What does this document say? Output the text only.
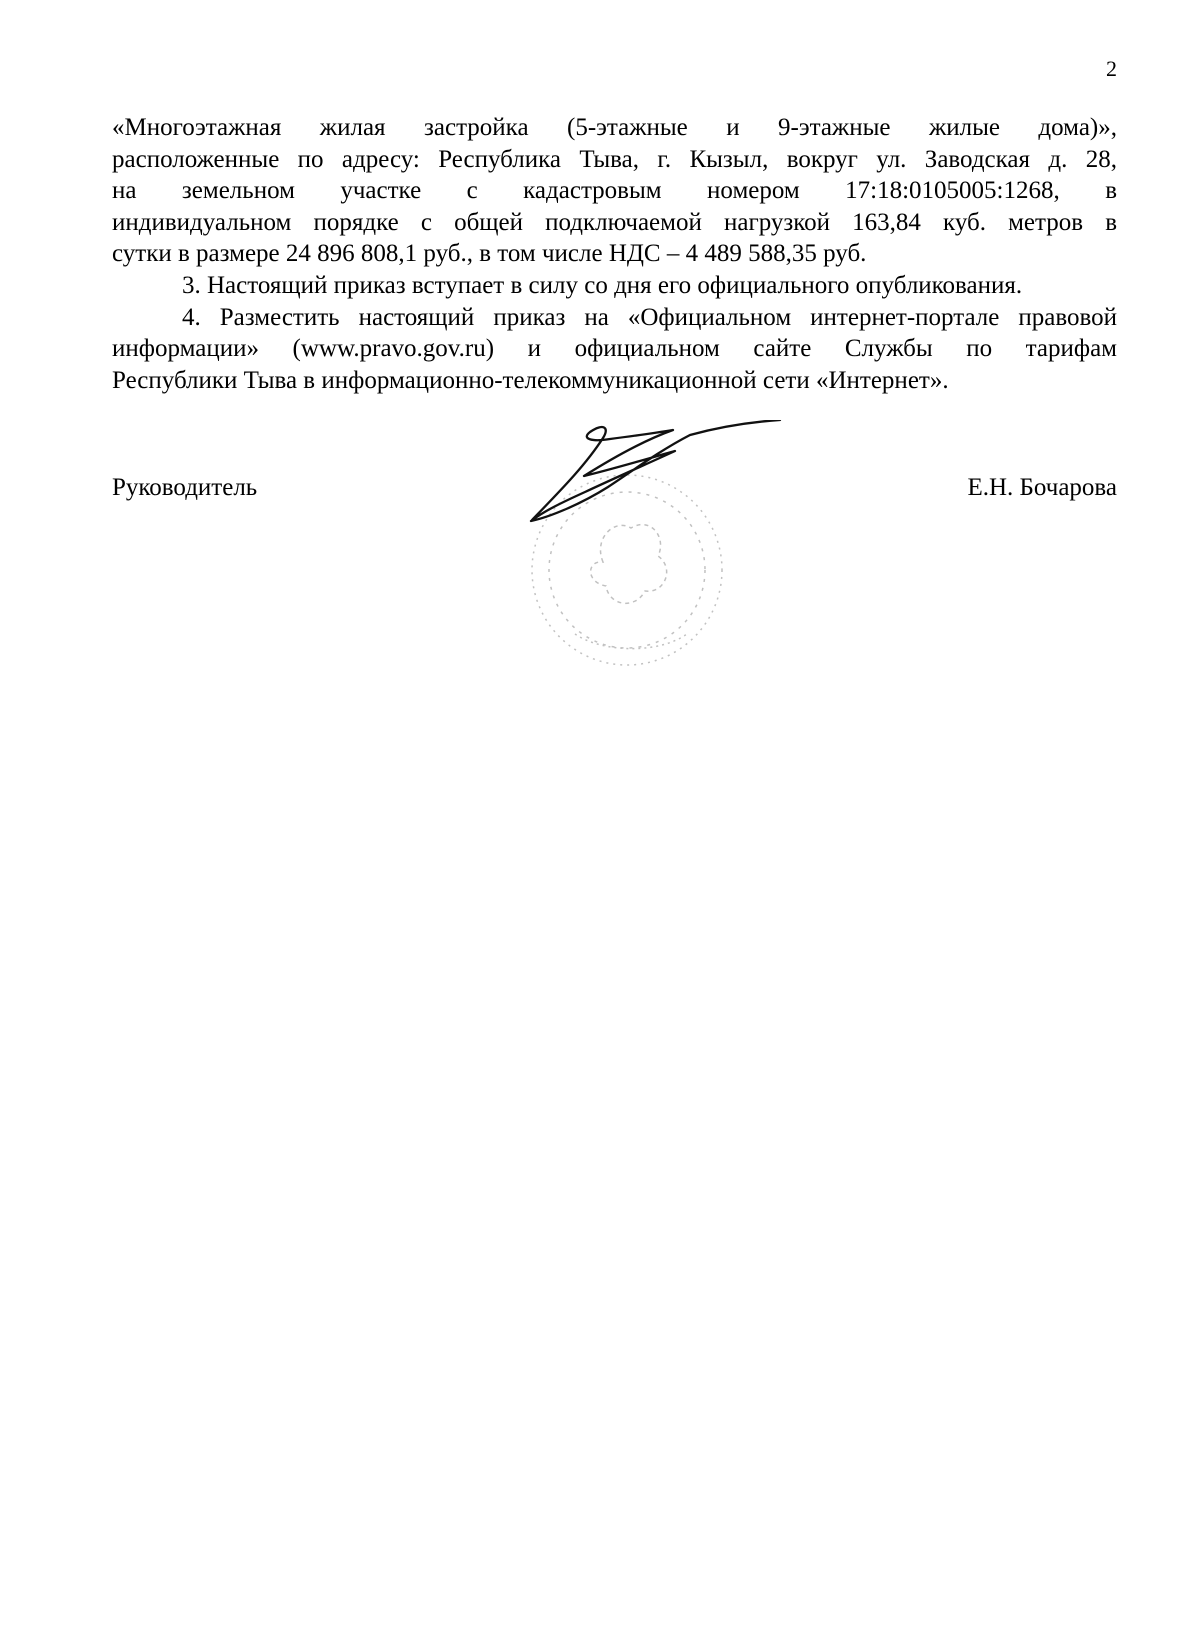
2
«Многоэтажная жилая застройка (5-этажные и 9-этажные жилые дома)»,
расположенные по адресу: Республика Тыва, г. Кызыл, вокруг ул. Заводская д. 28,
на земельном участке с кадастровым номером 17:18:0105005:1268, в
индивидуальном порядке с общей подключаемой нагрузкой 163,84 куб. метров в
сутки в размере 24 896 808,1 руб., в том числе НДС – 4 489 588,35 руб.
3. Настоящий приказ вступает в силу со дня его официального опубликования.
4. Разместить настоящий приказ на «Официальном интернет-портале правовой
информации» (www.pravo.gov.ru) и официальном сайте Службы по тарифам
Республики Тыва в информационно-телекоммуникационной сети «Интернет».
Руководитель	Е.Н. Бочарова
